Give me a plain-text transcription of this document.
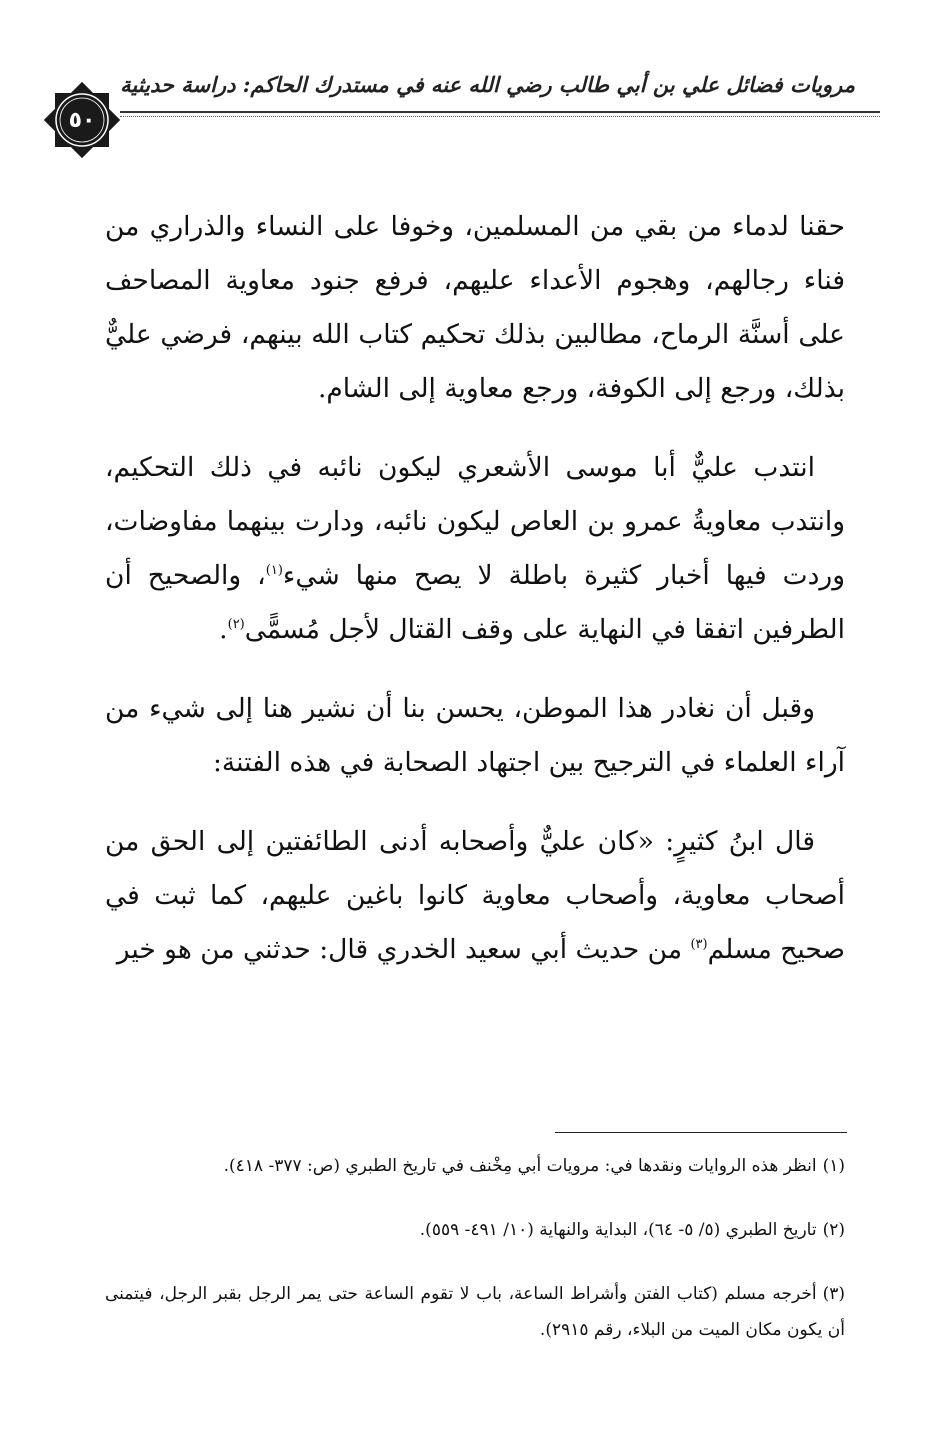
مرويات فضائل علي بن أبي طالب رضي الله عنه في مستدرك الحاكم: دراسة حديثية
٥٠

حقنا لدماء من بقي من المسلمين، وخوفا على النساء والذراري من فناء رجالهم، وهجوم الأعداء عليهم، فرفع جنود معاوية المصاحف على أسنَّة الرماح، مطالبين بذلك تحكيم كتاب الله بينهم، فرضي عليٌّ بذلك، ورجع إلى الكوفة، ورجع معاوية إلى الشام.

انتدب عليٌّ أبا موسى الأشعري ليكون نائبه في ذلك التحكيم، وانتدب معاويةُ عمرو بن العاص ليكون نائبه، ودارت بينهما مفاوضات، وردت فيها أخبار كثيرة باطلة لا يصح منها شيء$^{(١)}$، والصحيح أن الطرفين اتفقا في النهاية على وقف القتال لأجل مُسمًّى$^{(٢)}$.

وقبل أن نغادر هذا الموطن، يحسن بنا أن نشير هنا إلى شيء من آراء العلماء في الترجيح بين اجتهاد الصحابة في هذه الفتنة:

قال ابنُ كثيرٍ: «كان عليٌّ وأصحابه أدنى الطائفتين إلى الحق من أصحاب معاوية، وأصحاب معاوية كانوا باغين عليهم، كما ثبت في صحيح مسلم$^{(٣)}$ من حديث أبي سعيد الخدري قال: حدثني من هو خير

(١)انظر هذه الروايات ونقدها في: مرويات أبي مِخْنف في تاريخ الطبري (ص: ٣٧٧- ٤١٨).

(٢)تاريخ الطبري (٥/ ٥- ٦٤)، البداية والنهاية (١٠/ ٤٩١- ٥٥٩).

(٣)أخرجه مسلم (كتاب الفتن وأشراط الساعة، باب لا تقوم الساعة حتى يمر الرجل بقبر الرجل، فيتمنى أن يكون مكان الميت من البلاء، رقم ٢٩١٥).
